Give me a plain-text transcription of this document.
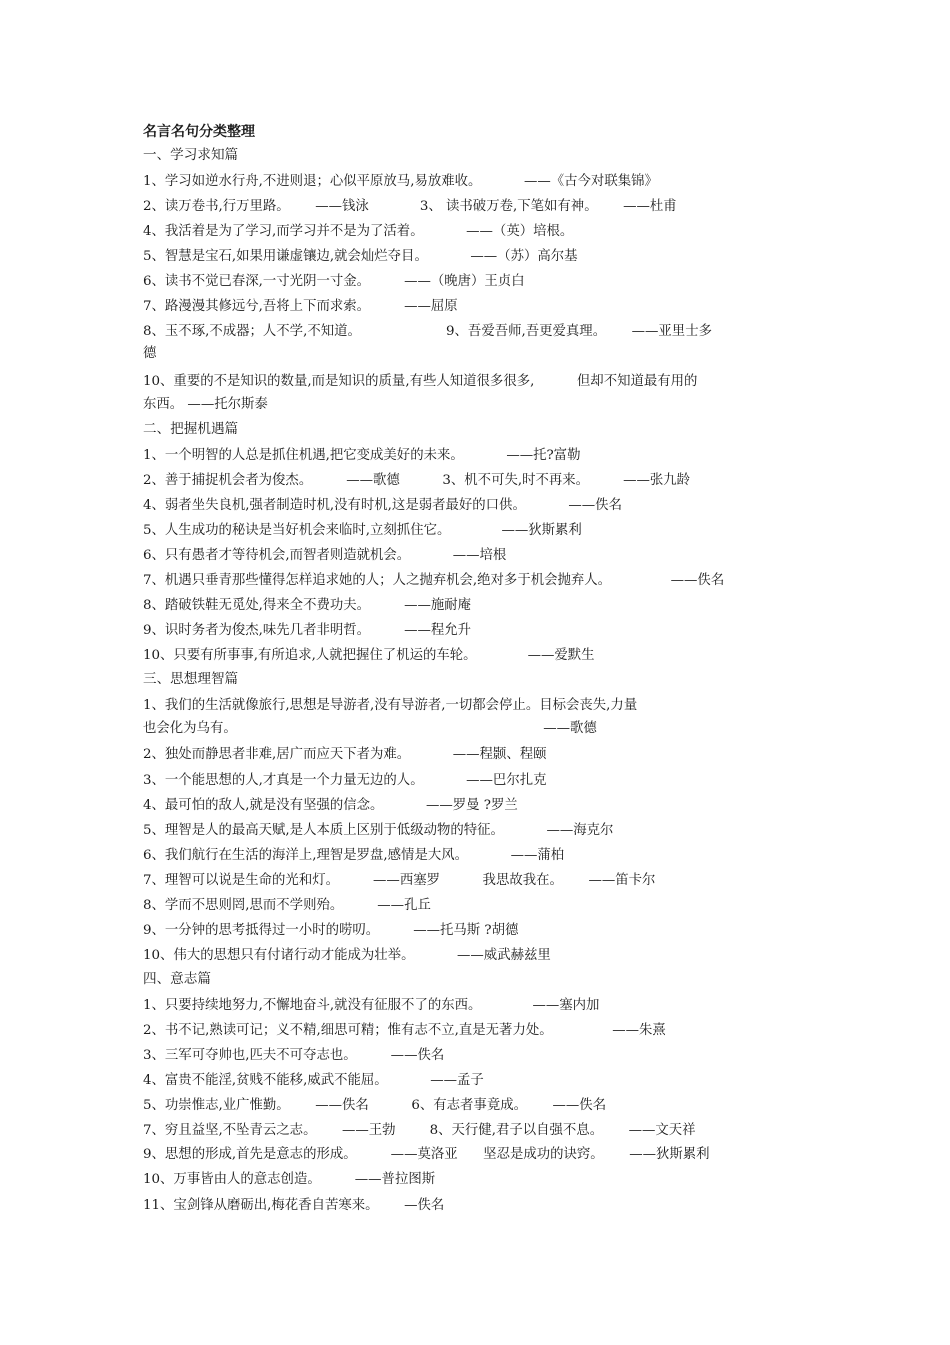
名言名句分类整理
一、学习求知篇
1、学习如逆水行舟,不进则退；心似平原放马,易放难收。          ——《古今对联集锦》
2、读万卷书,行万里路。      ——钱泳            3、 读书破万卷,下笔如有神。      ——杜甫
4、我活着是为了学习,而学习并不是为了活着。          ——（英）培根。
5、智慧是宝石,如果用谦虚镶边,就会灿烂夺目。          ——（苏）高尔基
6、读书不觉已春深,一寸光阴一寸金。        ——（晚唐）王贞白
7、路漫漫其修远兮,吾将上下而求索。        ——屈原
8、玉不琢,不成器；人不学,不知道。                    9、吾爱吾师,吾更爱真理。      ——亚里士多
德
10、重要的不是知识的数量,而是知识的质量,有些人知道很多很多,          但却不知道最有用的
东西。 ——托尔斯泰
二、把握机遇篇
1、一个明智的人总是抓住机遇,把它变成美好的未来。          ——托?富勒
2、善于捕捉机会者为俊杰。        ——歌德          3、机不可失,时不再来。        ——张九龄
4、弱者坐失良机,强者制造时机,没有时机,这是弱者最好的口供。          ——佚名
5、人生成功的秘诀是当好机会来临时,立刻抓住它。            ——狄斯累利
6、只有愚者才等待机会,而智者则造就机会。          ——培根
7、机遇只垂青那些懂得怎样追求她的人；人之抛弃机会,绝对多于机会抛弃人。              ——佚名
8、踏破铁鞋无觅处,得来全不费功夫。        ——施耐庵
9、识时务者为俊杰,味先几者非明哲。        ——程允升
10、只要有所事事,有所追求,人就把握住了机运的车轮。            ——爱默生
三、思想理智篇
1、我们的生活就像旅行,思想是导游者,没有导游者,一切都会停止。目标会丧失,力量
也会化为乌有。                                                                        ——歌德
2、独处而静思者非难,居广而应天下者为难。          ——程颢、程颐
3、一个能思想的人,才真是一个力量无边的人。          ——巴尔扎克
4、最可怕的敌人,就是没有坚强的信念。          ——罗曼 ?罗兰
5、理智是人的最高天赋,是人本质上区别于低级动物的特征。          ——海克尔
6、我们航行在生活的海洋上,理智是罗盘,感情是大风。          ——蒲柏
7、理智可以说是生命的光和灯。        ——西塞罗          我思故我在。      ——笛卡尔
8、学而不思则罔,思而不学则殆。        ——孔丘
9、一分钟的思考抵得过一小时的唠叨。        ——托马斯 ?胡德
10、伟大的思想只有付诸行动才能成为壮举。          ——威武赫兹里
四、意志篇
1、只要持续地努力,不懈地奋斗,就没有征服不了的东西。            ——塞内加
2、书不记,熟读可记；义不精,细思可精；惟有志不立,直是无著力处。              ——朱熹
3、三军可夺帅也,匹夫不可夺志也。        ——佚名
4、富贵不能淫,贫贱不能移,威武不能屈。          ——孟子
5、功崇惟志,业广惟勤。      ——佚名          6、有志者事竟成。      ——佚名
7、穷且益坚,不坠青云之志。      ——王勃        8、天行健,君子以自强不息。      ——文天祥
9、思想的形成,首先是意志的形成。        ——莫洛亚      坚忍是成功的诀窍。      ——狄斯累利
10、万事皆由人的意志创造。        ——普拉图斯
11、宝剑锋从磨砺出,梅花香自苦寒来。      —佚名
